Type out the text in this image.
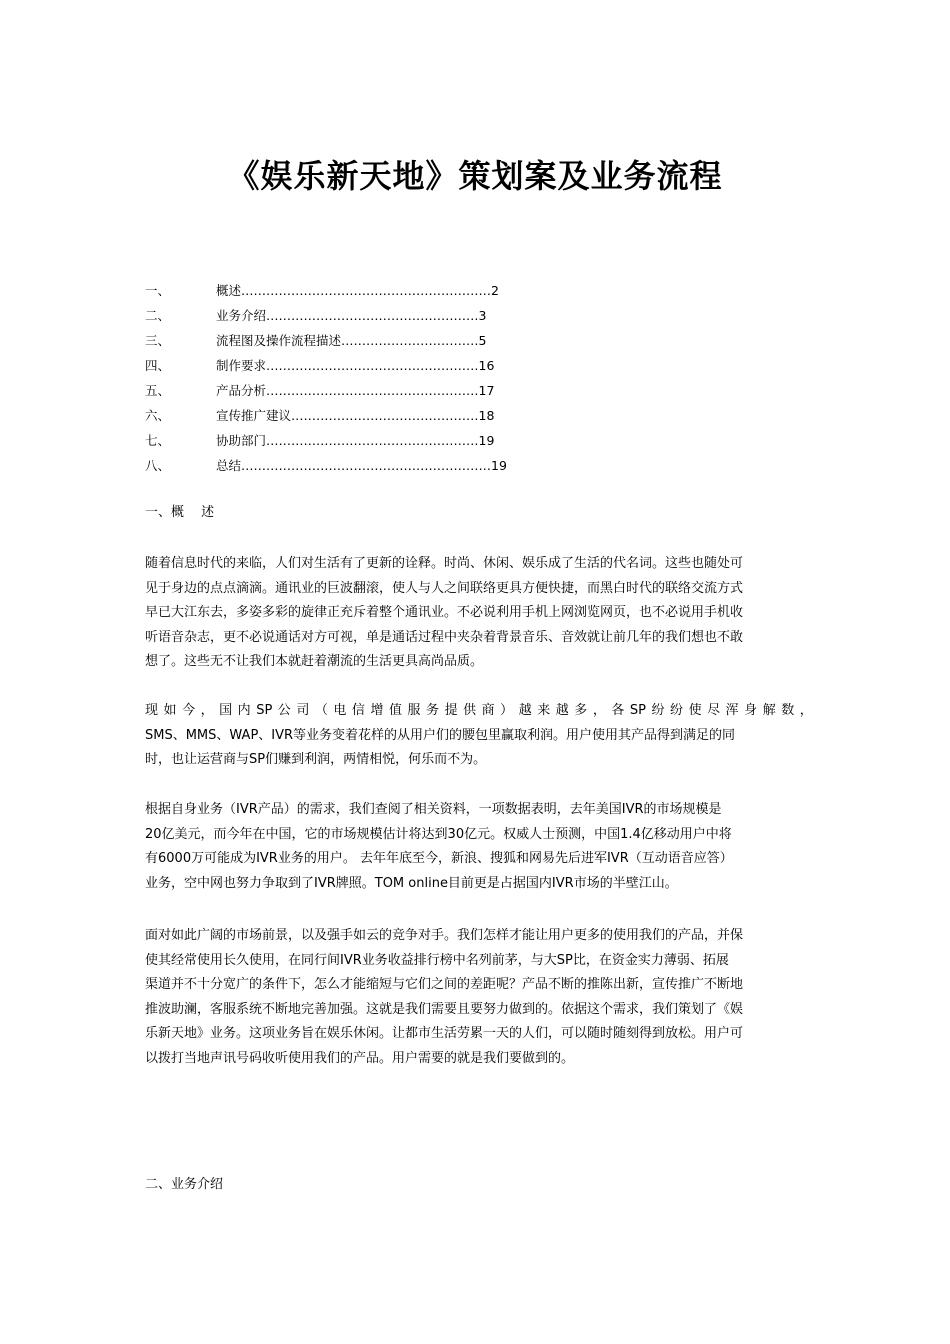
《娱乐新天地》策划案及业务流程
一、	概述……………………………………………………2
二、	业务介绍……………………………………………3
三、	流程图及操作流程描述……………………………5
四、	制作要求……………………………………………16
五、	产品分析……………………………………………17
六、	宣传推广建议………………………………………18
七、	协助部门……………………………………………19
八、	总结……………………………………………………19
一、概　 述
随着信息时代的来临，人们对生活有了更新的诠释。时尚、休闲、娱乐成了生活的代名词。这些也随处可
见于身边的点点滴滴。通讯业的巨波翻滚，使人与人之间联络更具方便快捷，而黑白时代的联络交流方式
早已大江东去，多姿多彩的旋律正充斥着整个通讯业。不必说利用手机上网浏览网页，也不必说用手机收
听语音杂志，更不必说通话对方可视，单是通话过程中夹杂着背景音乐、音效就让前几年的我们想也不敢
想了。这些无不让我们本就赶着潮流的生活更具高尚品质。
现 如 今 ， 国 内 SP 公 司 （ 电 信 增 值 服 务 提 供 商 ） 越 来 越 多 ， 各 SP 纷 纷 使 尽 浑 身 解 数 ，
SMS、MMS、WAP、IVR等业务变着花样的从用户们的腰包里赢取利润。用户使用其产品得到满足的同
时，也让运营商与SP们赚到利润，两情相悦，何乐而不为。
根据自身业务（IVR产品）的需求，我们查阅了相关资料，一项数据表明，去年美国IVR的市场规模是
20亿美元，而今年在中国，它的市场规模估计将达到30亿元。权威人士预测，中国1.4亿移动用户中将
有6000万可能成为IVR业务的用户。 去年年底至今，新浪、搜狐和网易先后进军IVR（互动语音应答）
业务，空中网也努力争取到了IVR牌照。TOM online目前更是占据国内IVR市场的半壁江山。
面对如此广阔的市场前景，以及强手如云的竞争对手。我们怎样才能让用户更多的使用我们的产品，并保
使其经常使用长久使用，在同行间IVR业务收益排行榜中名列前茅，与大SP比，在资金实力薄弱、拓展
渠道并不十分宽广的条件下，怎么才能缩短与它们之间的差距呢？产品不断的推陈出新，宣传推广不断地
推波助澜，客服系统不断地完善加强。这就是我们需要且要努力做到的。依据这个需求，我们策划了《娱
乐新天地》业务。这项业务旨在娱乐休闲。让都市生活劳累一天的人们，可以随时随刻得到放松。用户可
以拨打当地声讯号码收听使用我们的产品。用户需要的就是我们要做到的。
二、业务介绍
